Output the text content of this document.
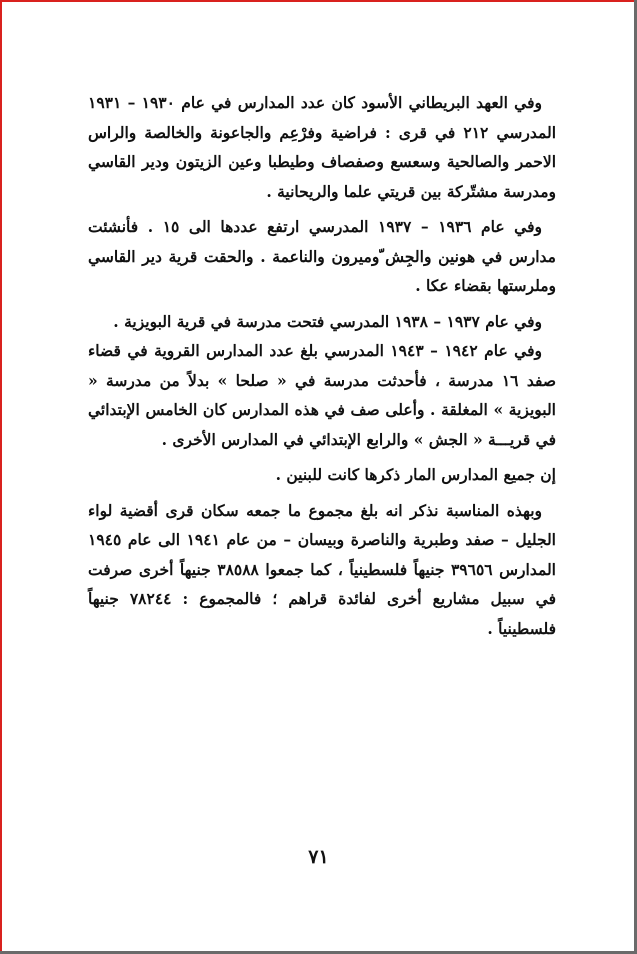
وفي العهد البريطاني الأسود كان عدد المدارس في عام ١٩٣٠ – ١٩٣١ المدرسي ٢١٢ في قرى : فراضية وفرْعِم والجاعونة والخالصة والراس الاحمر والصالحية وسعسع وصفصاف وطيطبا وعين الزيتون ودير القاسي ومدرسة مشتّركة بين قريتي علما والريحانية .

وفي عام ١٩٣٦ – ١٩٣٧ المدرسي ارتفع عددها الى ١٥ . فأنشئت مدارس في هونين والجِش ّوميرون والناعمة . والحقت قرية دير القاسي وملرستها بقضاء عكا .

وفي عام ١٩٣٧ – ١٩٣٨ المدرسي فتحت مدرسة في قرية البويزية .

وفي عام ١٩٤٢ – ١٩٤٣ المدرسي بلغ عدد المدارس القروية في قضاء صفد ١٦ مدرسة ، فأحدثت مدرسة في « صلحا » بدلاً من مدرسة « البويزية » المغلقة . وأعلى صف في هذه المدارس كان الخامس الإبتدائي في قريـــة « الجش » والرابع الإبتدائي في المدارس الأخرى .

إن جميع المدارس المار ذكرها كانت للبنين .

وبهذه المناسبة نذكر انه بلغ مجموع ما جمعه سكان قرى أقضية لواء الجليل – صفد وطبرية والناصرة وبيسان – من عام ١٩٤١ الى عام ١٩٤٥ المدارس ٣٩٦٥٦ جنيهاً فلسطينياً ، كما جمعوا ٣٨٥٨٨ جنيهاً أخرى صرفت في سبيل مشاريع أخرى لفائدة قراهم ؛ فالمجموع : ٧٨٢٤٤ جنيهاً فلسطينياً .

٧١
